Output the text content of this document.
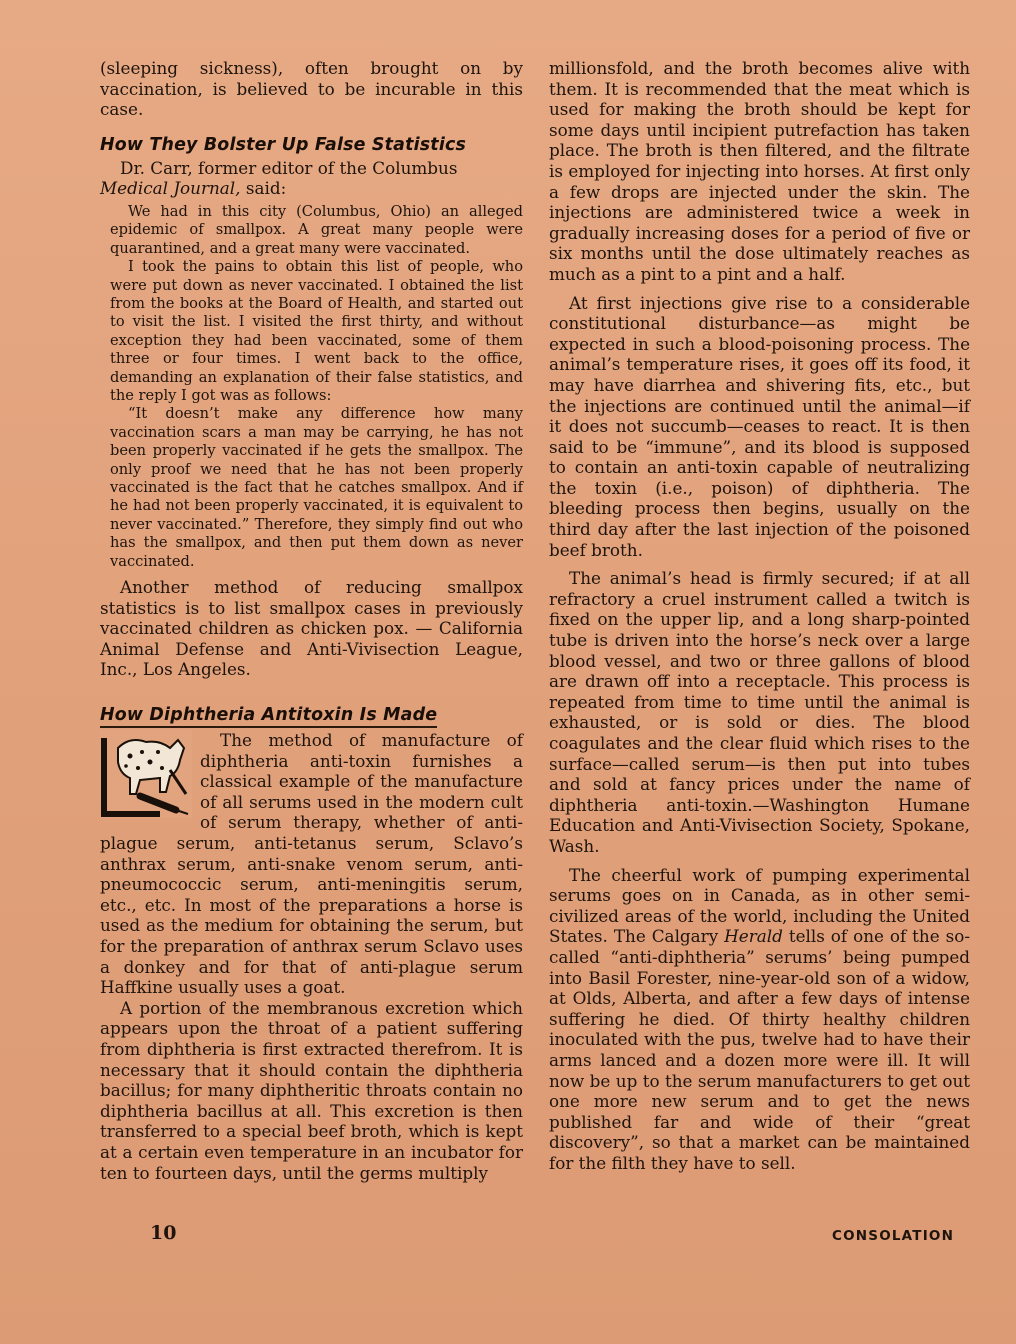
(sleeping sickness), often brought on by vaccination, is believed to be incurable in this case.

How They Bolster Up False Statistics

Dr. Carr, former editor of the Columbus
Medical Journal, said:

We had in this city (Columbus, Ohio) an alleged epidemic of smallpox. A great many people were quarantined, and a great many were vaccinated.

I took the pains to obtain this list of people, who were put down as never vaccinated. I obtained the list from the books at the Board of Health, and started out to visit the list. I visited the first thirty, and without exception they had been vaccinated, some of them three or four times. I went back to the office, demanding an explanation of their false statistics, and the reply I got was as follows:

“It doesn’t make any difference how many vaccination scars a man may be carrying, he has not been properly vaccinated if he gets the smallpox. The only proof we need that he has not been properly vaccinated is the fact that he catches smallpox. And if he had not been properly vaccinated, it is equivalent to never vaccinated.” Therefore, they simply find out who has the smallpox, and then put them down as never vaccinated.

Another method of reducing smallpox statistics is to list smallpox cases in previously vaccinated children as chicken pox. — California Animal Defense and Anti-Vivisection League, Inc., Los Angeles.

How Diphtheria Antitoxin Is Made

The method of manufacture of diphtheria anti-toxin furnishes a classical example of the manufacture of all serums used in the modern cult of serum therapy, whether of anti-plague serum, anti-tetanus serum, Sclavo’s anthrax serum, anti-snake venom serum, anti-pneumococcic serum, anti-meningitis serum, etc., etc. In most of the preparations a horse is used as the medium for obtaining the serum, but for the preparation of anthrax serum Sclavo uses a donkey and for that of anti-plague serum Haffkine usually uses a goat.

A portion of the membranous excretion which appears upon the throat of a patient suffering from diphtheria is first extracted therefrom. It is necessary that it should contain the diphtheria bacillus; for many diphtheritic throats contain no diphtheria bacillus at all. This excretion is then transferred to a special beef broth, which is kept at a certain even temperature in an incubator for ten to fourteen days, until the germs multiply

millionsfold, and the broth becomes alive with them. It is recommended that the meat which is used for making the broth should be kept for some days until incipient putrefaction has taken place. The broth is then filtered, and the filtrate is employed for injecting into horses. At first only a few drops are injected under the skin. The injections are administered twice a week in gradually increasing doses for a period of five or six months until the dose ultimately reaches as much as a pint to a pint and a half.

At first injections give rise to a considerable constitutional disturbance—as might be expected in such a blood-poisoning process. The animal’s temperature rises, it goes off its food, it may have diarrhea and shivering fits, etc., but the injections are continued until the animal—if it does not succumb—ceases to react. It is then said to be “immune”, and its blood is supposed to contain an anti-toxin capable of neutralizing the toxin (i.e., poison) of diphtheria. The bleeding process then begins, usually on the third day after the last injection of the poisoned beef broth.

The animal’s head is firmly secured; if at all refractory a cruel instrument called a twitch is fixed on the upper lip, and a long sharp-pointed tube is driven into the horse’s neck over a large blood vessel, and two or three gallons of blood are drawn off into a receptacle. This process is repeated from time to time until the animal is exhausted, or is sold or dies. The blood coagulates and the clear fluid which rises to the surface—called serum—is then put into tubes and sold at fancy prices under the name of diphtheria anti-toxin.—Washington Humane Education and Anti-Vivisection Society, Spokane, Wash.

The cheerful work of pumping experimental serums goes on in Canada, as in other semi-civilized areas of the world, including the United States. The Calgary Herald tells of one of the so-called “anti-diphtheria” serums’ being pumped into Basil Forester, nine-year-old son of a widow, at Olds, Alberta, and after a few days of intense suffering he died. Of thirty healthy children inoculated with the pus, twelve had to have their arms lanced and a dozen more were ill. It will now be up to the serum manufacturers to get out one more new serum and to get the news published far and wide of their “great discovery”, so that a market can be maintained for the filth they have to sell.

10	CONSOLATION
